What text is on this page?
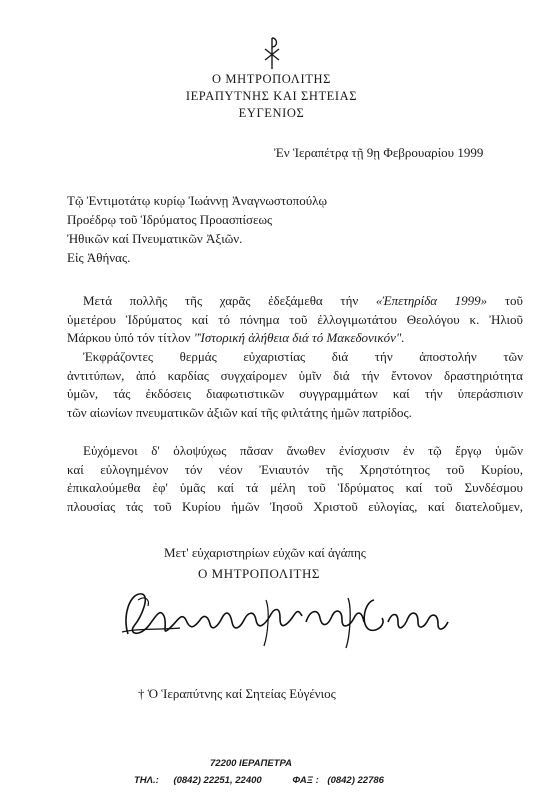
Ο ΜΗΤΡΟΠΟΛΙΤΗΣ
ΙΕΡΑΠΥΤΝΗΣ ΚΑΙ ΣΗΤΕΙΑΣ
ΕΥΓΕΝΙΟΣ
Ἐν Ἱεραπέτρᾳ τῇ 9ῃ Φεβρουαρίου 1999
Τῷ Ἐντιμοτάτῳ κυρίῳ Ἰωάννῃ Ἀναγνωστοπούλῳ
Προέδρῳ τοῦ Ἱδρύματος Προασπίσεως
Ἠθικῶν καί Πνευματικῶν Ἀξιῶν.
Εἰς Ἀθήνας.
Μετά πολλῆς τῆς χαρᾶς ἐδεξάμεθα τήν «Ἐπετηρίδα 1999» τοῦ
ὑμετέρου Ἱδρύματος καί τό πόνημα τοῦ ἐλλογιμωτάτου Θεολόγου κ. Ἠλιοῦ
Μάρκου ὑπό τόν τίτλον "Ἱστορική ἀλήθεια διά τό Μακεδονικόν".
Ἐκφράζοντες θερμάς εὐχαριστίας διά τήν ἀποστολήν τῶν
ἀντιτύπων, ἀπό καρδίας συγχαίρομεν ὑμῖν διά τήν ἔντονον δραστηριότητα
ὑμῶν, τάς ἐκδόσεις διαφωτιστικῶν συγγραμμάτων καί τήν ὑπεράσπισιν
τῶν αἰωνίων πνευματικῶν ἀξιῶν καί τῆς φιλτάτης ἡμῶν πατρίδος.
Εὐχόμενοι δ' ὁλοψύχως πᾶσαν ἄνωθεν ἐνίσχυσιν ἐν τῷ ἔργῳ ὑμῶν
καί εὐλογημένον τόν νέον Ἐνιαυτόν τῆς Χρηστότητος τοῦ Κυρίου,
ἐπικαλούμεθα ἐφ' ὑμᾶς καί τά μέλη τοῦ Ἱδρύματος καί τοῦ Συνδέσμου
πλουσίας τάς τοῦ Κυρίου ἡμῶν Ἰησοῦ Χριστοῦ εὐλογίας, καί διατελοῦμεν,
Μετ' εὐχαριστηρίων εὐχῶν καί ἀγάπης
Ο ΜΗΤΡΟΠΟΛΙΤΗΣ
† Ὁ Ἱεραπύτνης καί Σητείας Εὐγένιος
72200 ΙΕΡΑΠΕΤΡΑ
ΤΗΛ.: (0842) 22251, 22400	ΦΑΞ : (0842) 22786
